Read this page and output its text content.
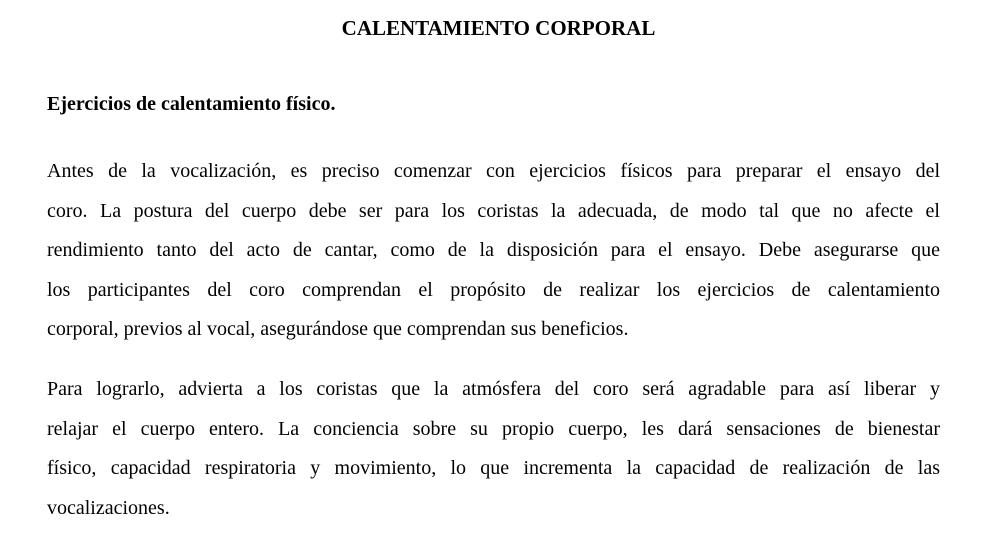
CALENTAMIENTO CORPORAL
Ejercicios de calentamiento físico.

Antes de la vocalización, es preciso comenzar con ejercicios físicos para preparar el ensayo del
coro. La postura del cuerpo debe ser para los coristas la adecuada, de modo tal que no afecte el
rendimiento tanto del acto de cantar, como de la disposición para el ensayo. Debe asegurarse que
los participantes del coro comprendan el propósito de realizar los ejercicios de calentamiento
corporal, previos al vocal, asegurándose que comprendan sus beneficios.

Para lograrlo, advierta a los coristas que la atmósfera del coro será agradable para así liberar y
relajar el cuerpo entero. La conciencia sobre su propio cuerpo, les dará sensaciones de bienestar
físico, capacidad respiratoria y movimiento, lo que incrementa la capacidad de realización de las
vocalizaciones.
